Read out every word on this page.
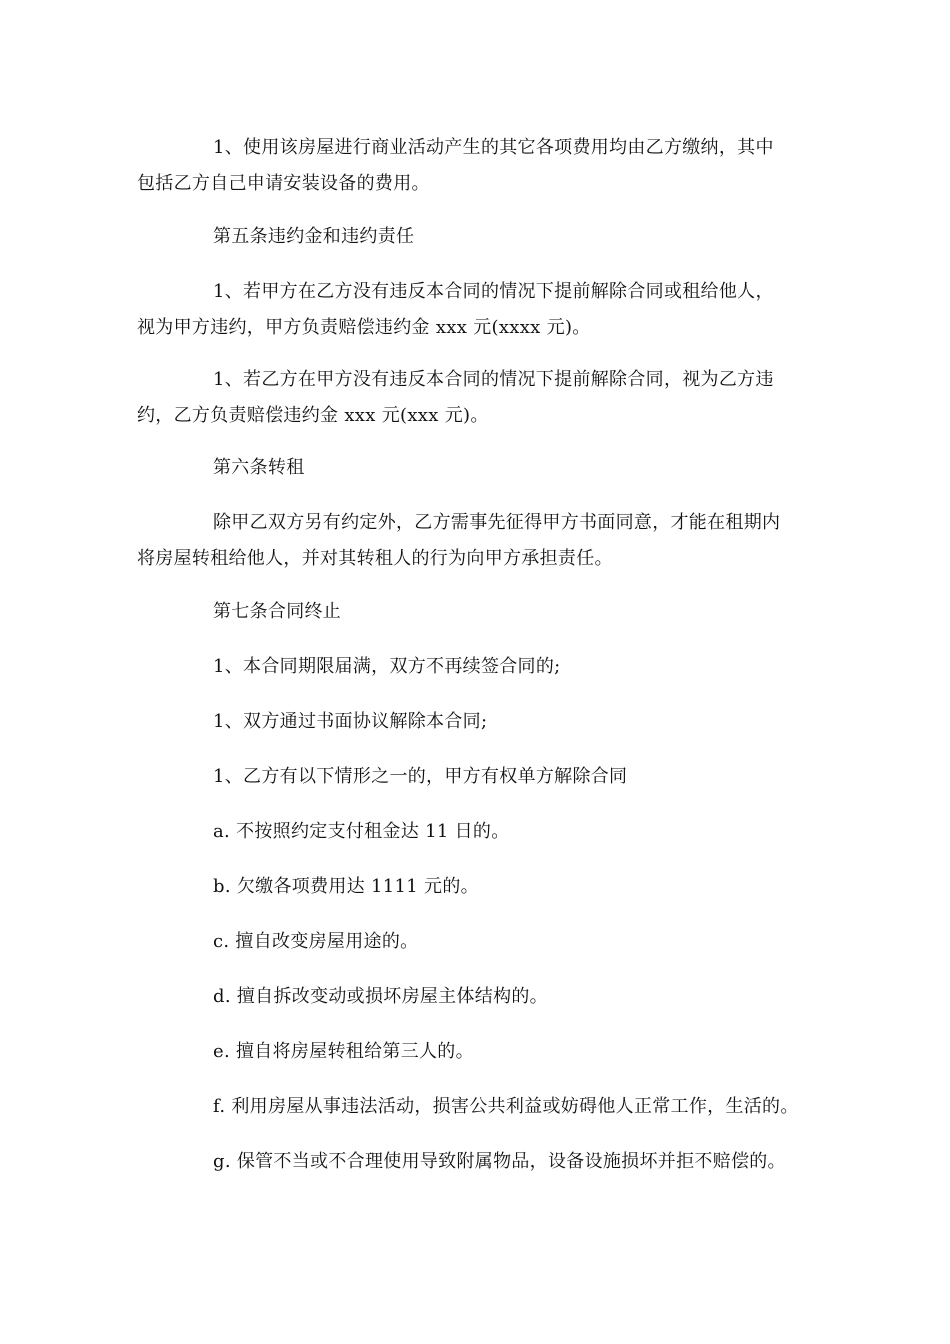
1、使用该房屋进行商业活动产生的其它各项费用均由乙方缴纳，其中
包括乙方自己申请安装设备的费用。

第五条违约金和违约责任

1、若甲方在乙方没有违反本合同的情况下提前解除合同或租给他人，
视为甲方违约，甲方负责赔偿违约金 xxx 元(xxxx 元)。

1、若乙方在甲方没有违反本合同的情况下提前解除合同，视为乙方违
约，乙方负责赔偿违约金 xxx 元(xxx 元)。

第六条转租

除甲乙双方另有约定外，乙方需事先征得甲方书面同意，才能在租期内
将房屋转租给他人，并对其转租人的行为向甲方承担责任。

第七条合同终止

1、本合同期限届满，双方不再续签合同的;

1、双方通过书面协议解除本合同;

1、乙方有以下情形之一的，甲方有权单方解除合同

a. 不按照约定支付租金达 11 日的。

b. 欠缴各项费用达 1111 元的。

c. 擅自改变房屋用途的。

d. 擅自拆改变动或损坏房屋主体结构的。

e. 擅自将房屋转租给第三人的。

f. 利用房屋从事违法活动，损害公共利益或妨碍他人正常工作，生活的。

g. 保管不当或不合理使用导致附属物品，设备设施损坏并拒不赔偿的。
